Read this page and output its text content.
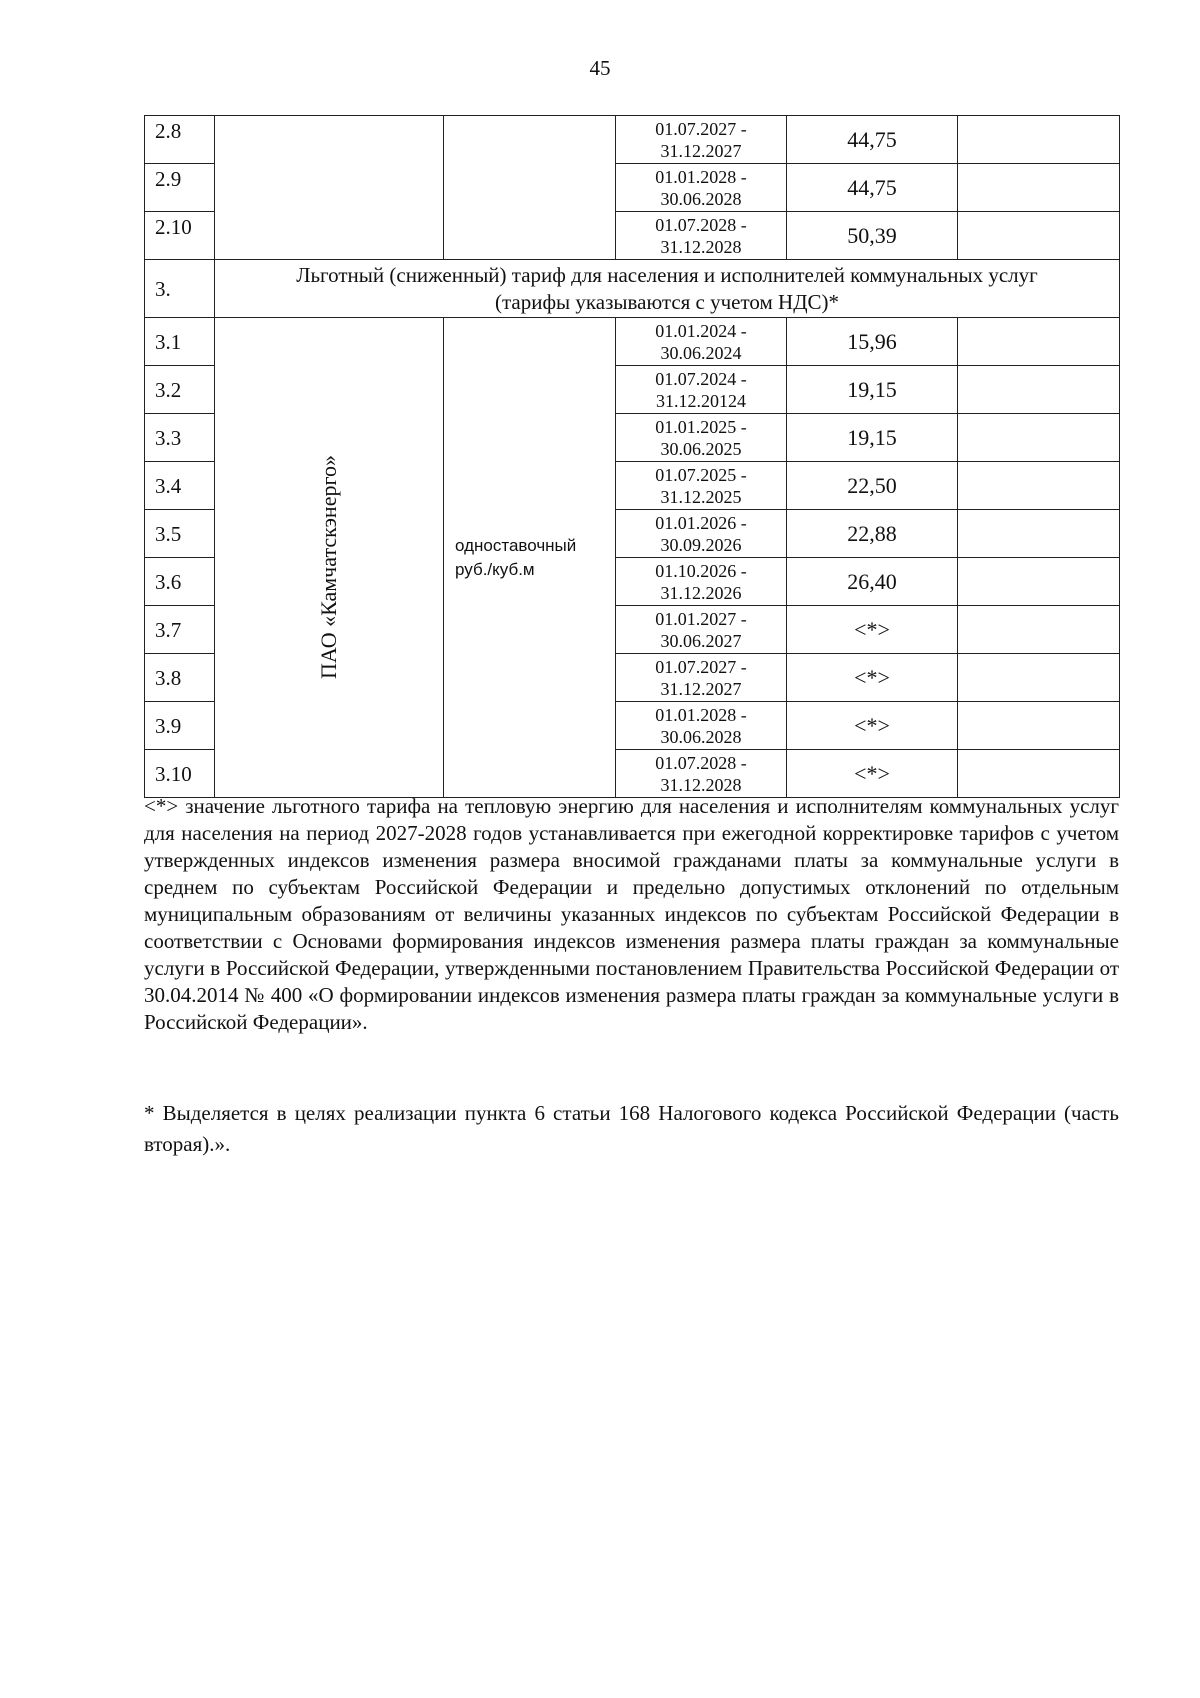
45
2.8			01.07.2027 -
31.12.2027	44,75	
2.9			01.01.2028 -
30.06.2028	44,75	
2.10			01.07.2028 -
31.12.2028	50,39	
3.	Льготный (сниженный) тариф для населения и исполнителей коммунальных услуг
(тарифы указываются с учетом НДС)*				

3.1	ПАО «Камчатскэнерго»	одноставочный
руб./куб.м	01.01.2024 -
30.06.2024	15,96	
3.2			01.07.2024 -
31.12.20124	19,15	
3.3			01.01.2025 -
30.06.2025	19,15	
3.4			01.07.2025 -
31.12.2025	22,50	
3.5			01.01.2026 -
30.09.2026	22,88	
3.6			01.10.2026 -
31.12.2026	26,40	
3.7			01.01.2027 -
30.06.2027	<*>	
3.8			01.07.2027 -
31.12.2027	<*>	
3.9			01.01.2028 -
30.06.2028	<*>	
3.10			01.07.2028 -
31.12.2028	<*>	

<*> значение льготного тарифа на тепловую энергию для населения и исполнителям коммунальных услуг для населения на период 2027-2028 годов устанавливается при ежегодной корректировке тарифов с учетом утвержденных индексов изменения размера вносимой гражданами платы за коммунальные услуги в среднем по субъектам Российской Федерации и предельно допустимых отклонений по отдельным муниципальным образованиям от величины указанных индексов по субъектам Российской Федерации в соответствии с Основами формирования индексов изменения размера платы граждан за коммунальные услуги в Российской Федерации, утвержденными постановлением Правительства Российской Федерации от 30.04.2014 № 400 «О формировании индексов изменения размера платы граждан за коммунальные услуги в Российской Федерации».

* Выделяется в целях реализации пункта 6 статьи 168 Налогового кодекса Российской Федерации (часть вторая).».
